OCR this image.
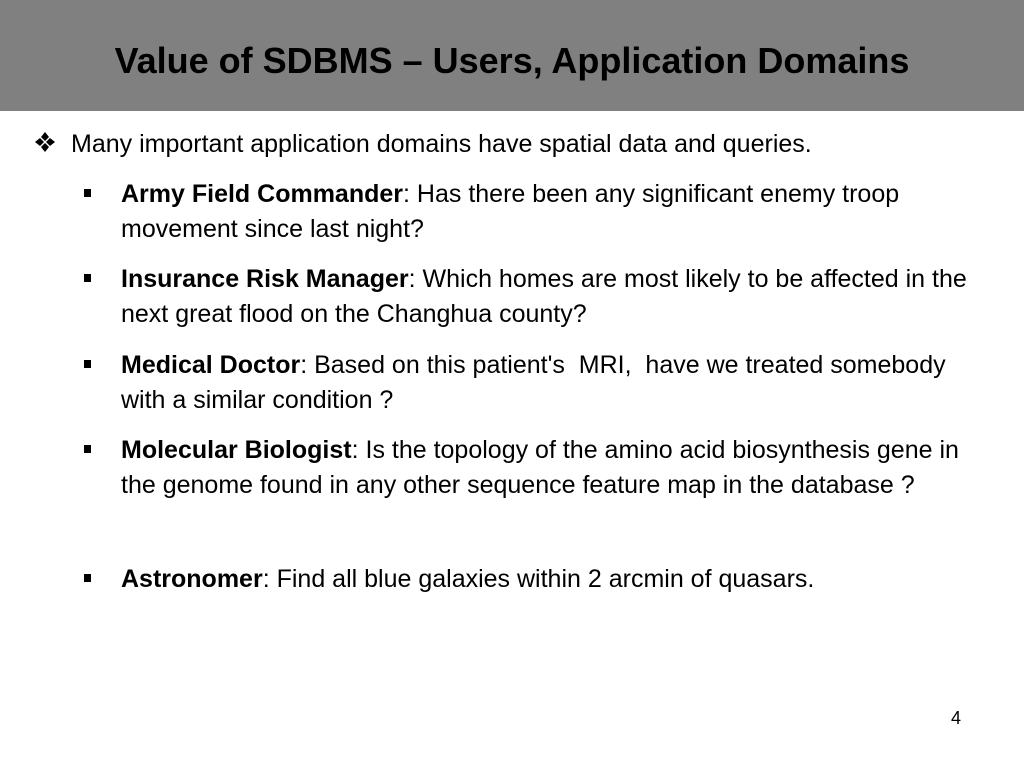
Value of SDBMS – Users, Application Domains
Many important application domains have spatial data and queries.
Army Field Commander: Has there been any significant enemy troop movement since last night?
Insurance Risk Manager: Which homes are most likely to be affected in the next great flood on the Changhua county?
Medical Doctor: Based on this patient's  MRI,  have we treated somebody with a similar condition ?
Molecular Biologist: Is the topology of the amino acid biosynthesis gene in the genome found in any other sequence feature map in the database ?
Astronomer: Find all blue galaxies within 2 arcmin of quasars.
4
